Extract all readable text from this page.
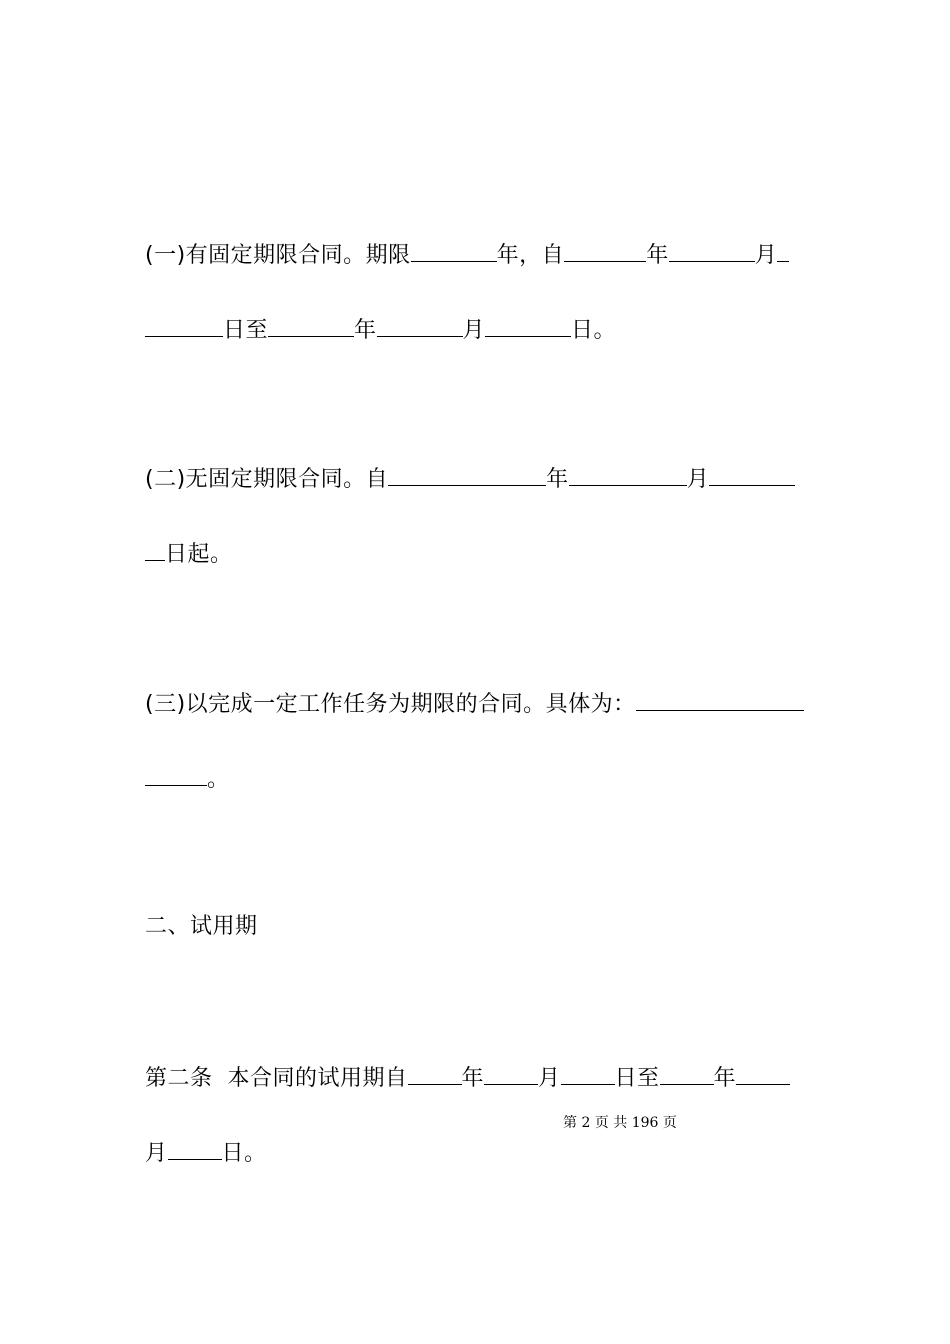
(一)有固定期限合同。期限	年，自	年	月

日至	年	月	日。

(二)无固定期限合同。自	年	月

日起。

(三)以完成一定工作任务为期限的合同。具体为：

。

二、试用期

第二条  本合同的试用期自 年 月 日至 年

月 日。

第 2 页 共 196 页
